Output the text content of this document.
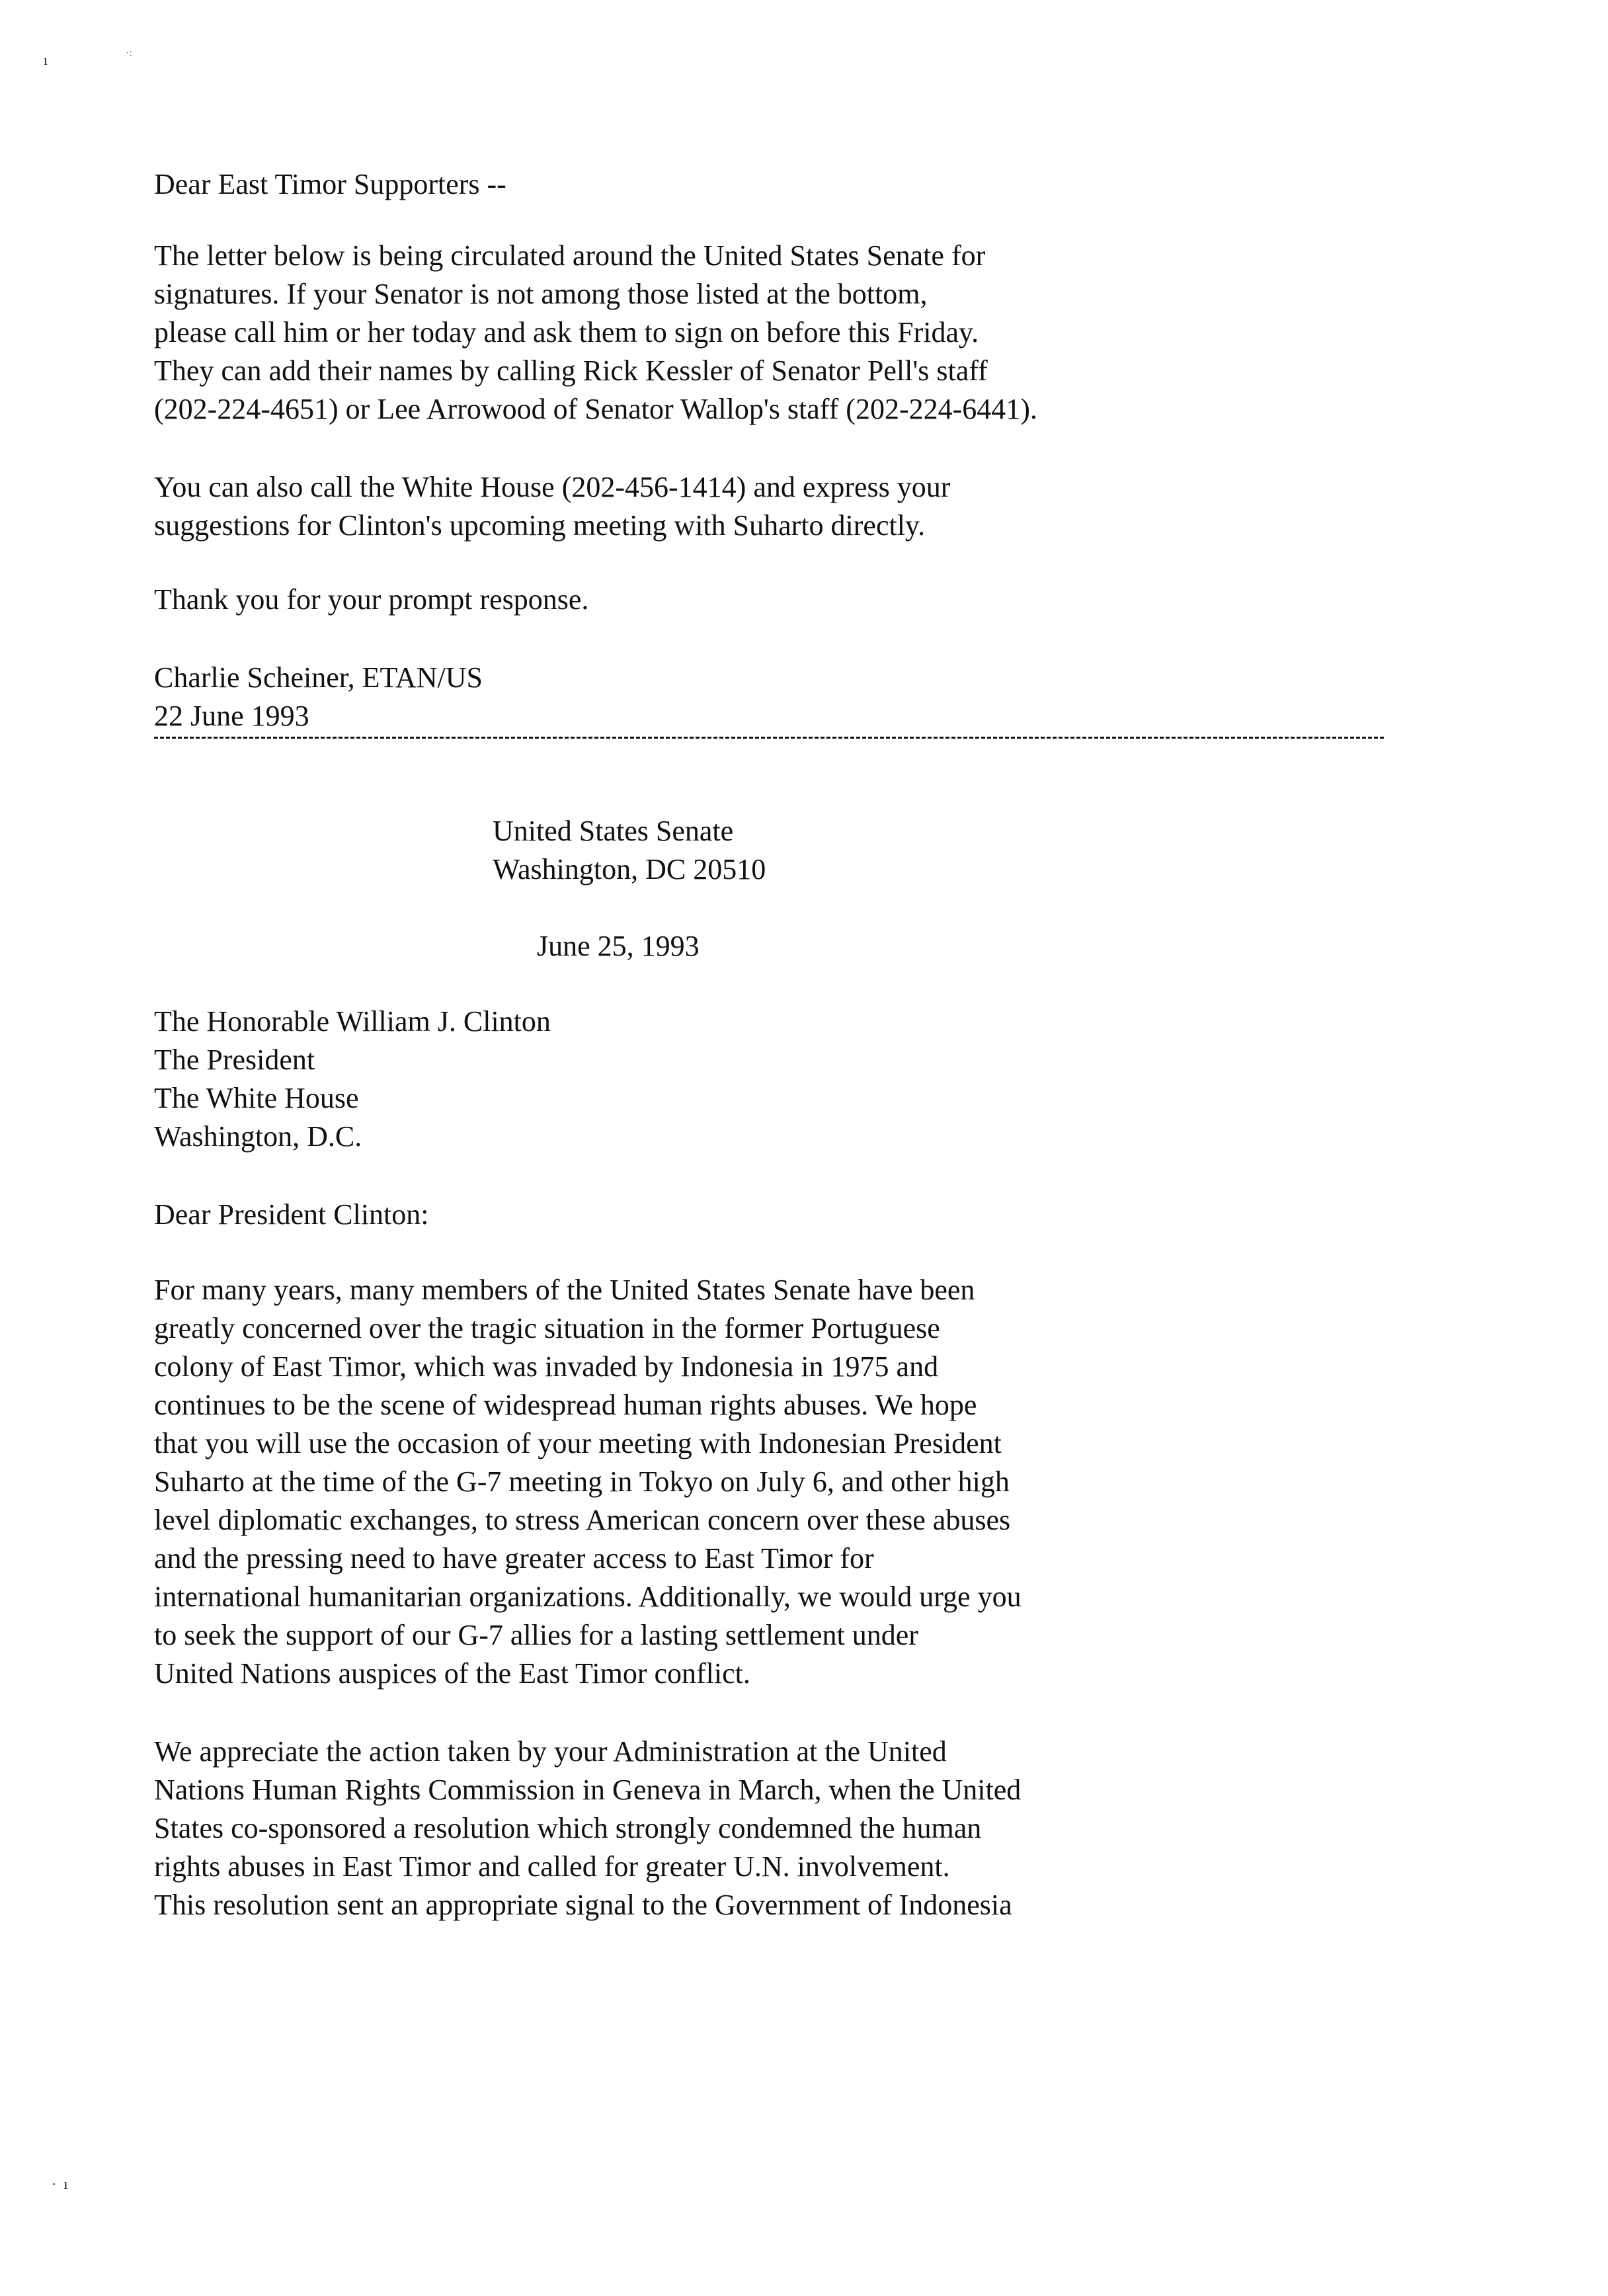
ı	·:
·  ı
Dear East Timor Supporters --
The letter below is being circulated around the United States Senate for
signatures. If your Senator is not among those listed at the bottom,
please call him or her today and ask them to sign on before this Friday.
They can add their names by calling Rick Kessler of Senator Pell's staff
(202-224-4651) or Lee Arrowood of Senator Wallop's staff (202-224-6441).
You can also call the White House (202-456-1414) and express your
suggestions for Clinton's upcoming meeting with Suharto directly.
Thank you for your prompt response.
Charlie Scheiner, ETAN/US
22 June 1993
United States Senate
Washington, DC 20510
June 25, 1993
The Honorable William J. Clinton
The President
The White House
Washington, D.C.
Dear President Clinton:
For many years, many members of the United States Senate have been
greatly concerned over the tragic situation in the former Portuguese
colony of East Timor, which was invaded by Indonesia in 1975 and
continues to be the scene of widespread human rights abuses. We hope
that you will use the occasion of your meeting with Indonesian President
Suharto at the time of the G-7 meeting in Tokyo on July 6, and other high
level diplomatic exchanges, to stress American concern over these abuses
and the pressing need to have greater access to East Timor for
international humanitarian organizations. Additionally, we would urge you
to seek the support of our G-7 allies for a lasting settlement under
United Nations auspices of the East Timor conflict.
We appreciate the action taken by your Administration at the United
Nations Human Rights Commission in Geneva in March, when the United
States co-sponsored a resolution which strongly condemned the human
rights abuses in East Timor and called for greater U.N. involvement.
This resolution sent an appropriate signal to the Government of Indonesia
